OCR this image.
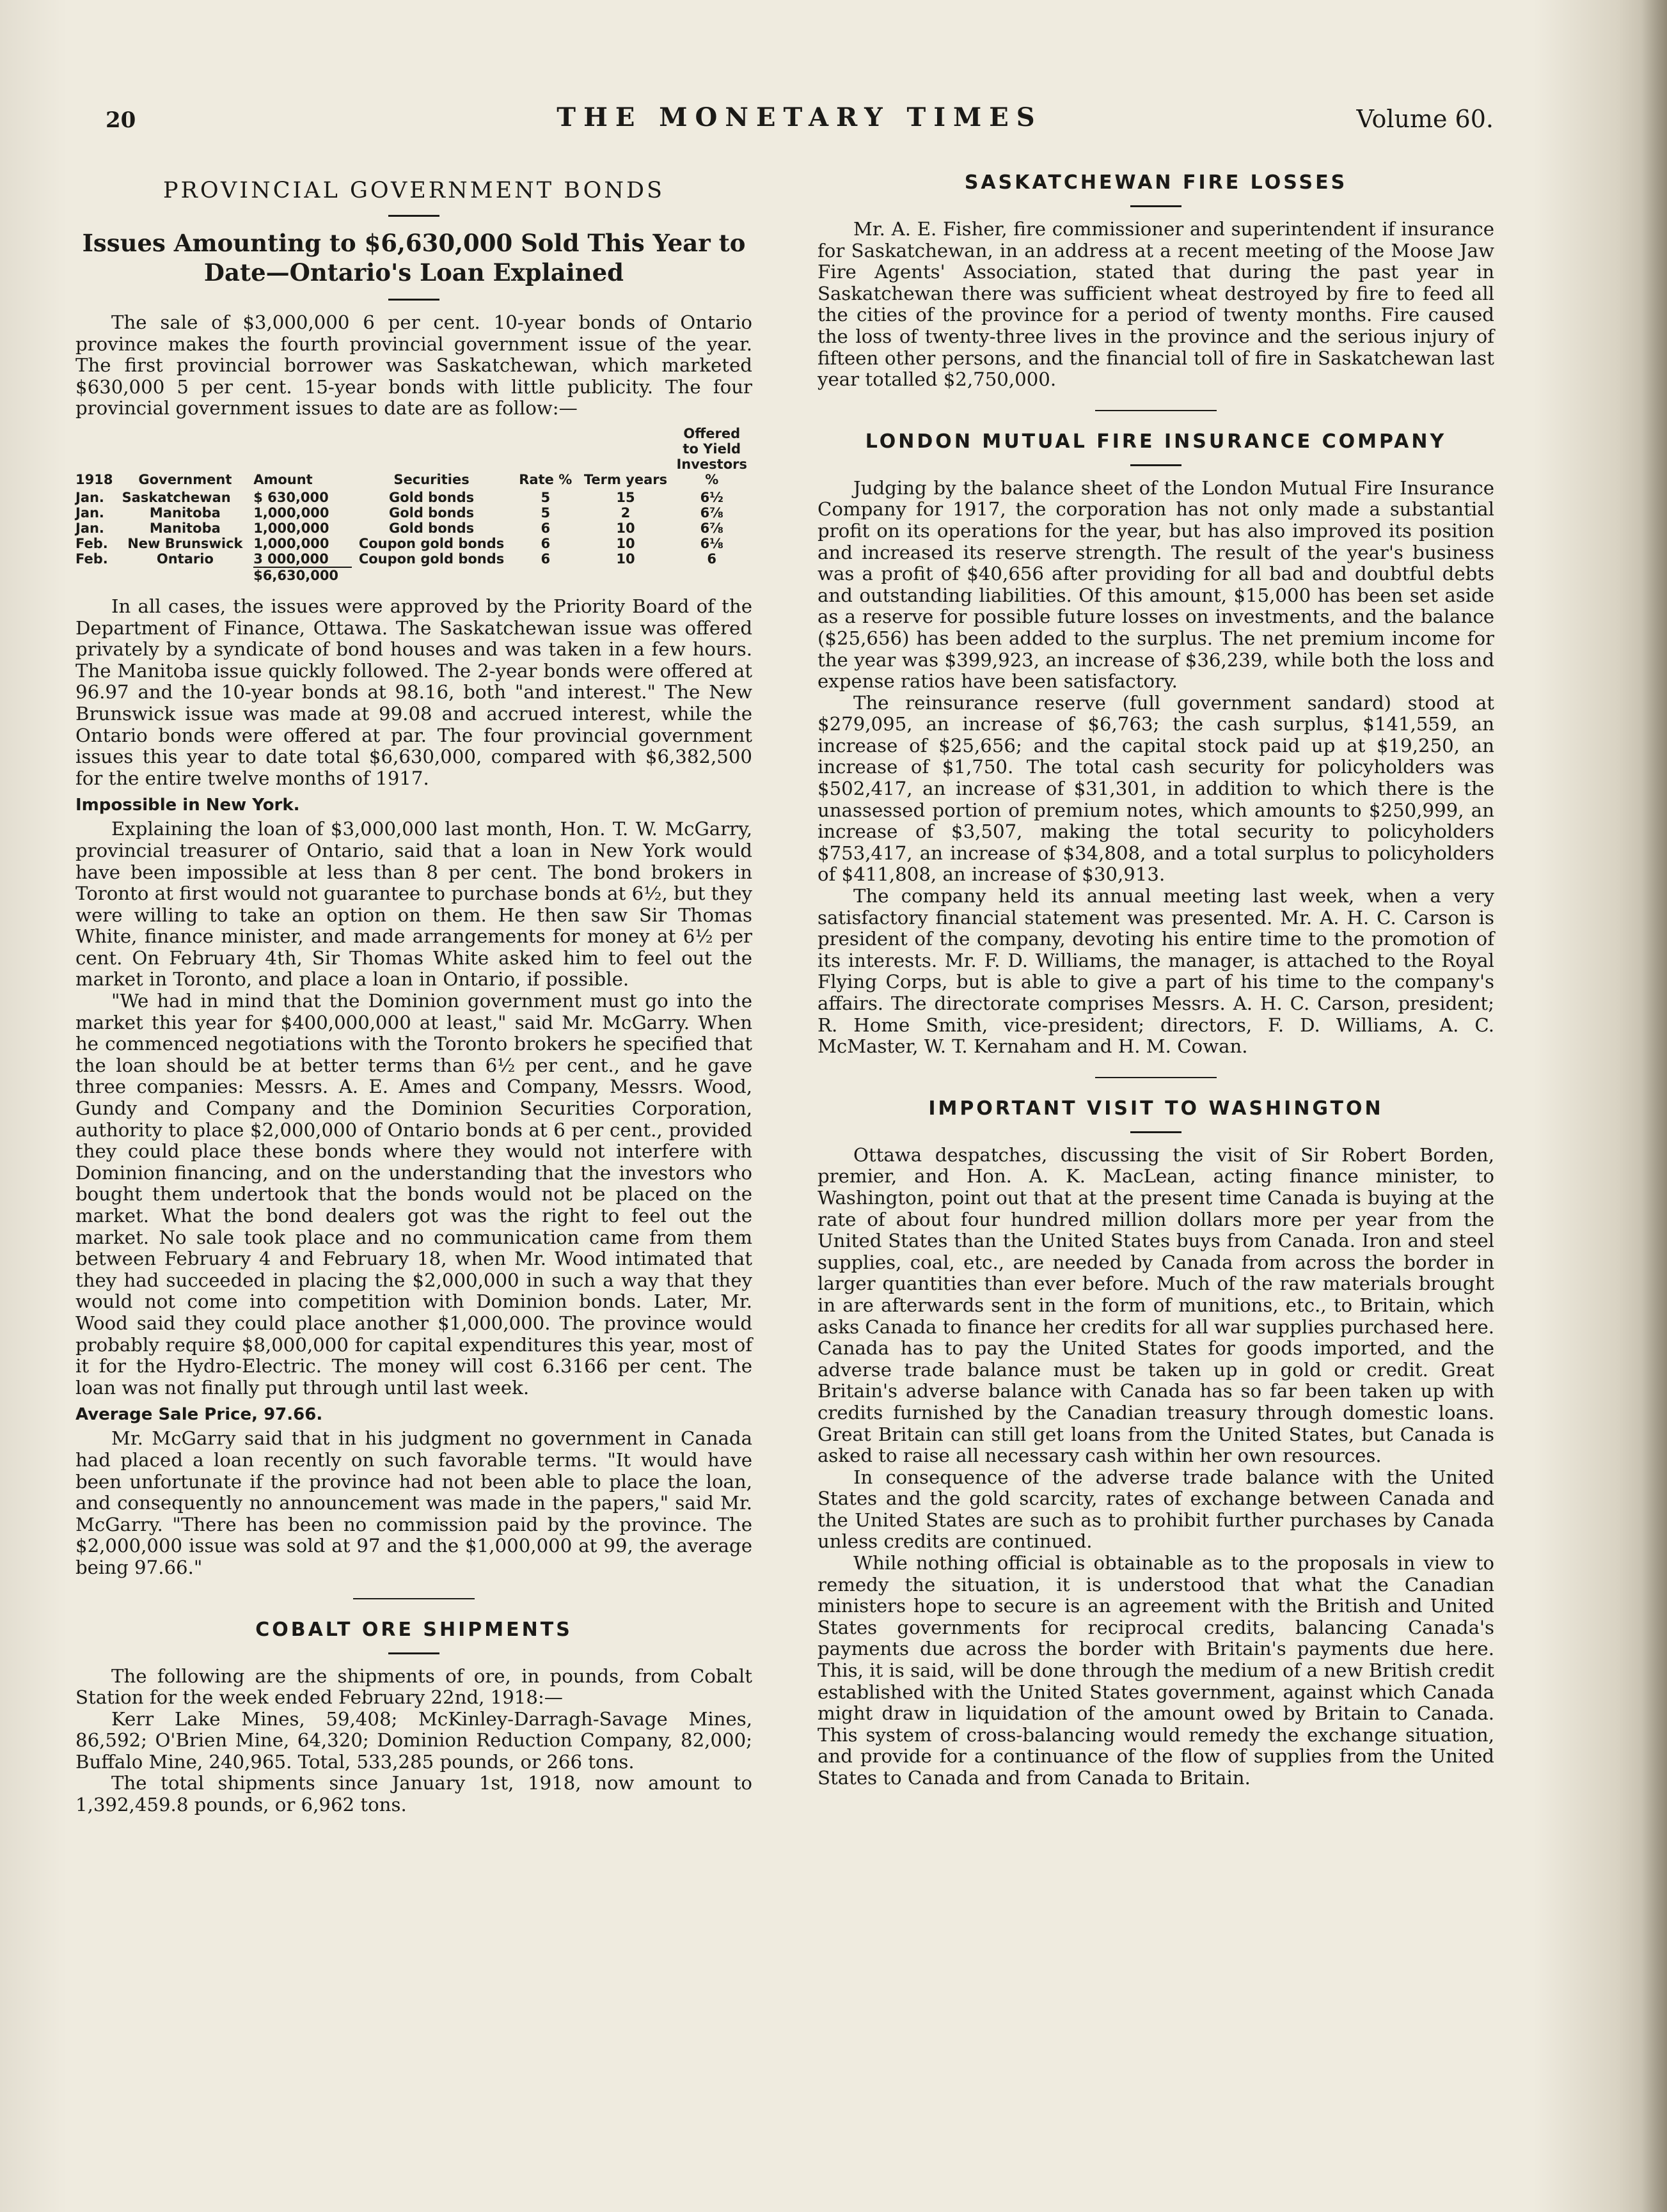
20	THE MONETARY TIMES	Volume 60.
PROVINCIAL GOVERNMENT BONDS
Issues Amounting to $6,630,000 Sold This Year to Date—Ontario's Loan Explained

The sale of $3,000,000 6 per cent. 10-year bonds of Ontario province makes the fourth provincial government issue of the year. The first provincial borrower was Saskatchewan, which marketed $630,000 5 per cent. 15-year bonds with little publicity. The four provincial government issues to date are as follow:—

1918	Government	Amount	Securities	Rate %	Term years	Offered to Yield Investors %
Jan.	Saskatchewan	$ 630,000	Gold bonds	5	15	6½
Jan.	Manitoba	1,000,000	Gold bonds	5	2	6⅞
Jan.	Manitoba	1,000,000	Gold bonds	6	10	6⅞
Feb.	New Brunswick	1,000,000	Coupon gold bonds	6	10	6⅛
Feb.	Ontario	3 000,000	Coupon gold bonds	6	10	6
		$6,630,000				

In all cases, the issues were approved by the Priority Board of the Department of Finance, Ottawa. The Saskatchewan issue was offered privately by a syndicate of bond houses and was taken in a few hours. The Manitoba issue quickly followed. The 2-year bonds were offered at 96.97 and the 10-year bonds at 98.16, both "and interest." The New Brunswick issue was made at 99.08 and accrued interest, while the Ontario bonds were offered at par. The four provincial government issues this year to date total $6,630,000, compared with $6,382,500 for the entire twelve months of 1917.

Impossible in New York.

Explaining the loan of $3,000,000 last month, Hon. T. W. McGarry, provincial treasurer of Ontario, said that a loan in New York would have been impossible at less than 8 per cent. The bond brokers in Toronto at first would not guarantee to purchase bonds at 6½, but they were willing to take an option on them. He then saw Sir Thomas White, finance minister, and made arrangements for money at 6½ per cent. On February 4th, Sir Thomas White asked him to feel out the market in Toronto, and place a loan in Ontario, if possible.

"We had in mind that the Dominion government must go into the market this year for $400,000,000 at least," said Mr. McGarry. When he commenced negotiations with the Toronto brokers he specified that the loan should be at better terms than 6½ per cent., and he gave three companies: Messrs. A. E. Ames and Company, Messrs. Wood, Gundy and Company and the Dominion Securities Corporation, authority to place $2,000,000 of Ontario bonds at 6 per cent., provided they could place these bonds where they would not interfere with Dominion financing, and on the understanding that the investors who bought them undertook that the bonds would not be placed on the market. What the bond dealers got was the right to feel out the market. No sale took place and no communication came from them between February 4 and February 18, when Mr. Wood intimated that they had succeeded in placing the $2,000,000 in such a way that they would not come into competition with Dominion bonds. Later, Mr. Wood said they could place another $1,000,000. The province would probably require $8,000,000 for capital expenditures this year, most of it for the Hydro-Electric. The money will cost 6.3166 per cent. The loan was not finally put through until last week.

Average Sale Price, 97.66.

Mr. McGarry said that in his judgment no government in Canada had placed a loan recently on such favorable terms. "It would have been unfortunate if the province had not been able to place the loan, and consequently no announcement was made in the papers," said Mr. McGarry. "There has been no commission paid by the province. The $2,000,000 issue was sold at 97 and the $1,000,000 at 99, the average being 97.66."

COBALT ORE SHIPMENTS

The following are the shipments of ore, in pounds, from Cobalt Station for the week ended February 22nd, 1918:—

Kerr Lake Mines, 59,408; McKinley-Darragh-Savage Mines, 86,592; O'Brien Mine, 64,320; Dominion Reduction Company, 82,000; Buffalo Mine, 240,965. Total, 533,285 pounds, or 266 tons.

The total shipments since January 1st, 1918, now amount to 1,392,459.8 pounds, or 6,962 tons.

SASKATCHEWAN FIRE LOSSES

Mr. A. E. Fisher, fire commissioner and superintendent if insurance for Saskatchewan, in an address at a recent meeting of the Moose Jaw Fire Agents' Association, stated that during the past year in Saskatchewan there was sufficient wheat destroyed by fire to feed all the cities of the province for a period of twenty months. Fire caused the loss of twenty-three lives in the province and the serious injury of fifteen other persons, and the financial toll of fire in Saskatchewan last year totalled $2,750,000.

LONDON MUTUAL FIRE INSURANCE COMPANY

Judging by the balance sheet of the London Mutual Fire Insurance Company for 1917, the corporation has not only made a substantial profit on its operations for the year, but has also improved its position and increased its reserve strength. The result of the year's business was a profit of $40,656 after providing for all bad and doubtful debts and outstanding liabilities. Of this amount, $15,000 has been set aside as a reserve for possible future losses on investments, and the balance ($25,656) has been added to the surplus. The net premium income for the year was $399,923, an increase of $36,239, while both the loss and expense ratios have been satisfactory.

The reinsurance reserve (full government sandard) stood at $279,095, an increase of $6,763; the cash surplus, $141,559, an increase of $25,656; and the capital stock paid up at $19,250, an increase of $1,750. The total cash security for policyholders was $502,417, an increase of $31,301, in addition to which there is the unassessed portion of premium notes, which amounts to $250,999, an increase of $3,507, making the total security to policyholders $753,417, an increase of $34,808, and a total surplus to policyholders of $411,808, an increase of $30,913.

The company held its annual meeting last week, when a very satisfactory financial statement was presented. Mr. A. H. C. Carson is president of the company, devoting his entire time to the promotion of its interests. Mr. F. D. Williams, the manager, is attached to the Royal Flying Corps, but is able to give a part of his time to the company's affairs. The directorate comprises Messrs. A. H. C. Carson, president; R. Home Smith, vice-president; directors, F. D. Williams, A. C. McMaster, W. T. Kernaham and H. M. Cowan.

IMPORTANT VISIT TO WASHINGTON

Ottawa despatches, discussing the visit of Sir Robert Borden, premier, and Hon. A. K. MacLean, acting finance minister, to Washington, point out that at the present time Canada is buying at the rate of about four hundred million dollars more per year from the United States than the United States buys from Canada. Iron and steel supplies, coal, etc., are needed by Canada from across the border in larger quantities than ever before. Much of the raw materials brought in are afterwards sent in the form of munitions, etc., to Britain, which asks Canada to finance her credits for all war supplies purchased here. Canada has to pay the United States for goods imported, and the adverse trade balance must be taken up in gold or credit. Great Britain's adverse balance with Canada has so far been taken up with credits furnished by the Canadian treasury through domestic loans. Great Britain can still get loans from the United States, but Canada is asked to raise all necessary cash within her own resources.

In consequence of the adverse trade balance with the United States and the gold scarcity, rates of exchange between Canada and the United States are such as to prohibit further purchases by Canada unless credits are continued.

While nothing official is obtainable as to the proposals in view to remedy the situation, it is understood that what the Canadian ministers hope to secure is an agreement with the British and United States governments for reciprocal credits, balancing Canada's payments due across the border with Britain's payments due here. This, it is said, will be done through the medium of a new British credit established with the United States government, against which Canada might draw in liquidation of the amount owed by Britain to Canada. This system of cross-balancing would remedy the exchange situation, and provide for a continuance of the flow of supplies from the United States to Canada and from Canada to Britain.
